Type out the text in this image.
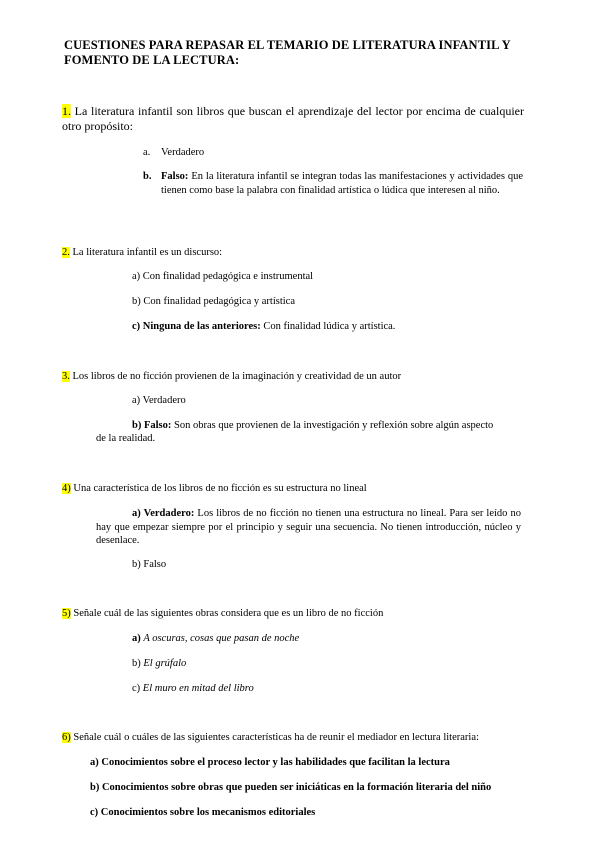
CUESTIONES PARA REPASAR EL TEMARIO DE LITERATURA INFANTIL Y FOMENTO DE LA LECTURA:
1. La literatura infantil son libros que buscan el aprendizaje del lector por encima de cualquier otro propósito:
a. Verdadero
b. Falso: En la literatura infantil se integran todas las manifestaciones y actividades que tienen como base la palabra con finalidad artística o lúdica que interesen al niño.
2. La literatura infantil es un discurso:
a) Con finalidad pedagógica e instrumental
b) Con finalidad pedagógica y artística
c) Ninguna de las anteriores: Con finalidad lúdica y artística.
3. Los libros de no ficción provienen de la imaginación y creatividad de un autor
a) Verdadero
b) Falso: Son obras que provienen de la investigación y reflexión sobre algún aspecto
de la realidad.
4) Una característica de los libros de no ficción es su estructura no lineal
a) Verdadero: Los libros de no ficción no tienen una estructura no lineal. Para ser leído no hay que empezar siempre por el principio y seguir una secuencia. No tienen introducción, núcleo y desenlace.
b) Falso
5) Señale cuál de las siguientes obras considera que es un libro de no ficción
a) A oscuras, cosas que pasan de noche
b) El grúfalo
c) El muro en mitad del libro
6) Señale cuál o cuáles de las siguientes características ha de reunir el mediador en lectura literaria:
a) Conocimientos sobre el proceso lector y las habilidades que facilitan la lectura
b) Conocimientos sobre obras que pueden ser iniciáticas en la formación literaria del niño
c) Conocimientos sobre los mecanismos editoriales
